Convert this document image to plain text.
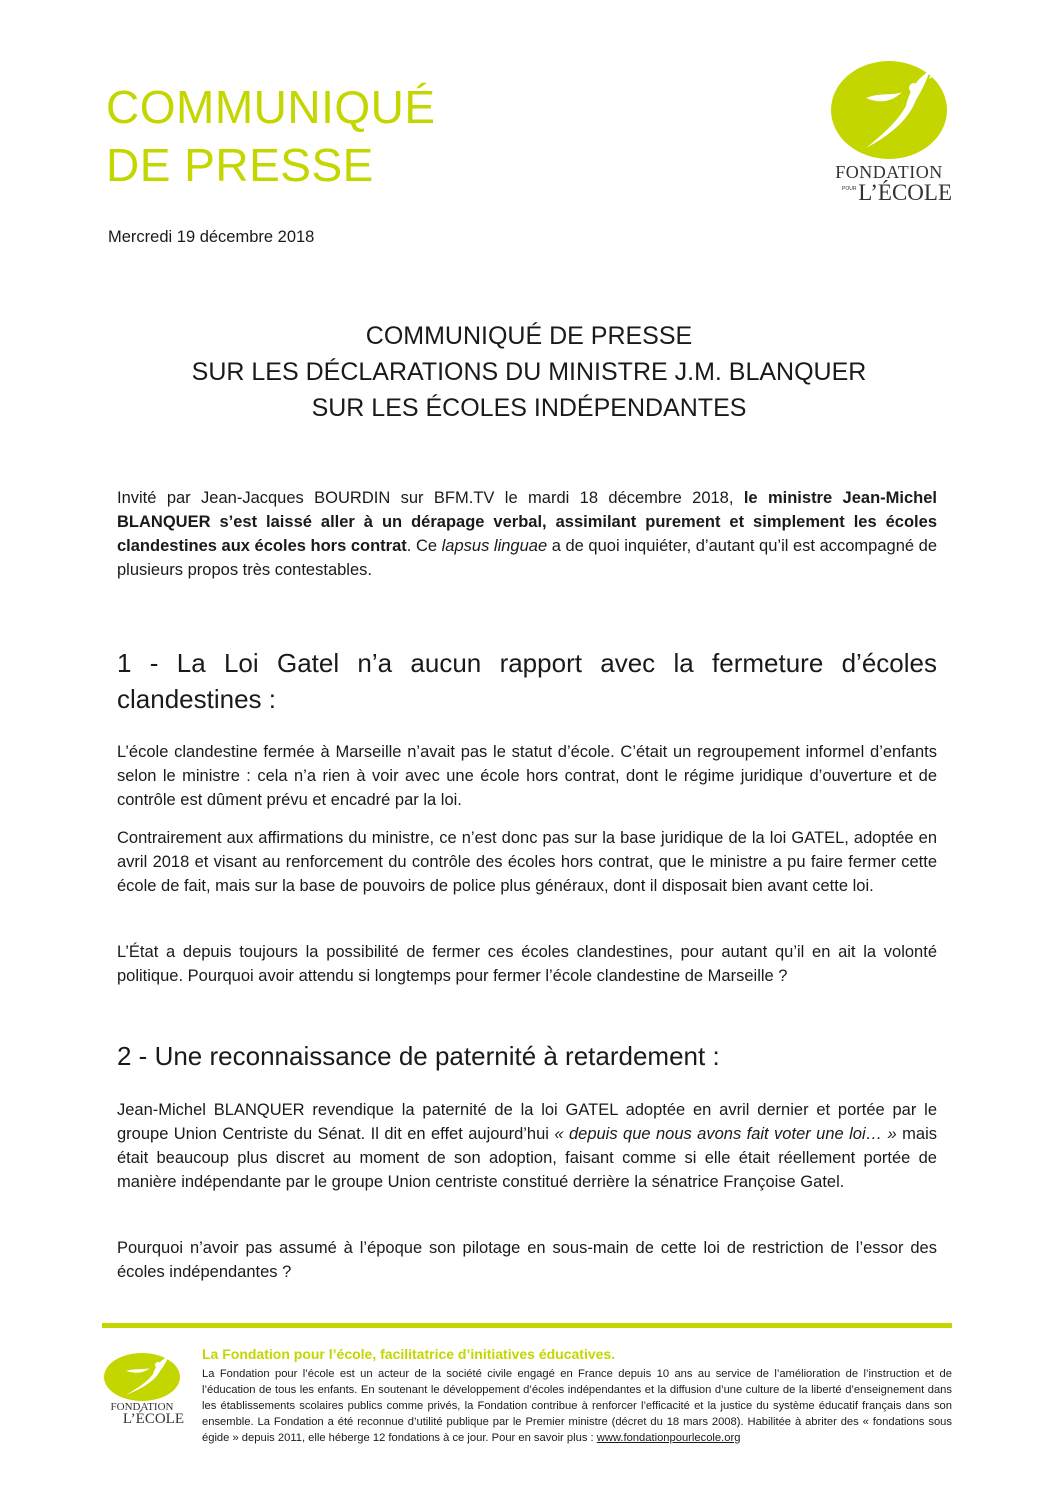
COMMUNIQUÉ
DE PRESSE
Mercredi 19 décembre 2018
FONDATION
POUR L’ÉCOLE
COMMUNIQUÉ DE PRESSE
SUR LES DÉCLARATIONS DU MINISTRE J.M. BLANQUER
SUR LES ÉCOLES INDÉPENDANTES
Invité par Jean-Jacques BOURDIN sur BFM.TV le mardi 18 décembre 2018, le ministre Jean-Michel BLANQUER s’est laissé aller à un dérapage verbal, assimilant purement et simplement les écoles clandestines aux écoles hors contrat. Ce lapsus linguae a de quoi inquiéter, d’autant qu’il est accompagné de plusieurs propos très contestables.
1 - La Loi Gatel n’a aucun rapport avec la fermeture d’écoles clandestines :
L’école clandestine fermée à Marseille n’avait pas le statut d’école. C’était un regroupement informel d’enfants selon le ministre : cela n’a rien à voir avec une école hors contrat, dont le régime juridique d’ouverture et de contrôle est dûment prévu et encadré par la loi.
Contrairement aux affirmations du ministre, ce n’est donc pas sur la base juridique de la loi GATEL, adoptée en avril 2018 et visant au renforcement du contrôle des écoles hors contrat, que le ministre a pu faire fermer cette école de fait, mais sur la base de pouvoirs de police plus généraux, dont il disposait bien avant cette loi.
L’État a depuis toujours la possibilité de fermer ces écoles clandestines, pour autant qu’il en ait la volonté politique. Pourquoi avoir attendu si longtemps pour fermer l’école clandestine de Marseille ?
2 - Une reconnaissance de paternité à retardement :
Jean-Michel BLANQUER revendique la paternité de la loi GATEL adoptée en avril dernier et portée par le groupe Union Centriste du Sénat. Il dit en effet aujourd’hui « depuis que nous avons fait voter une loi… » mais était beaucoup plus discret au moment de son adoption, faisant comme si elle était réellement portée de manière indépendante par le groupe Union centriste constitué derrière la sénatrice Françoise Gatel.
Pourquoi n’avoir pas assumé à l’époque son pilotage en sous-main de cette loi de restriction de l’essor des écoles indépendantes ?
FONDATION
L’ÉCOLE
La Fondation pour l’école, facilitatrice d’initiatives éducatives.
La Fondation pour l’école est un acteur de la société civile engagé en France depuis 10 ans au service de l’amélioration de l’instruction et de l’éducation de tous les enfants. En soutenant le développement d’écoles indépendantes et la diffusion d’une culture de la liberté d’enseignement dans les établissements scolaires publics comme privés, la Fondation contribue à renforcer l’efficacité et la justice du système éducatif français dans son ensemble. La Fondation a été reconnue d’utilité publique par le Premier ministre (décret du 18 mars 2008). Habilitée à abriter des « fondations sous égide » depuis 2011, elle héberge 12 fondations à ce jour. Pour en savoir plus : www.fondationpourlecole.org
